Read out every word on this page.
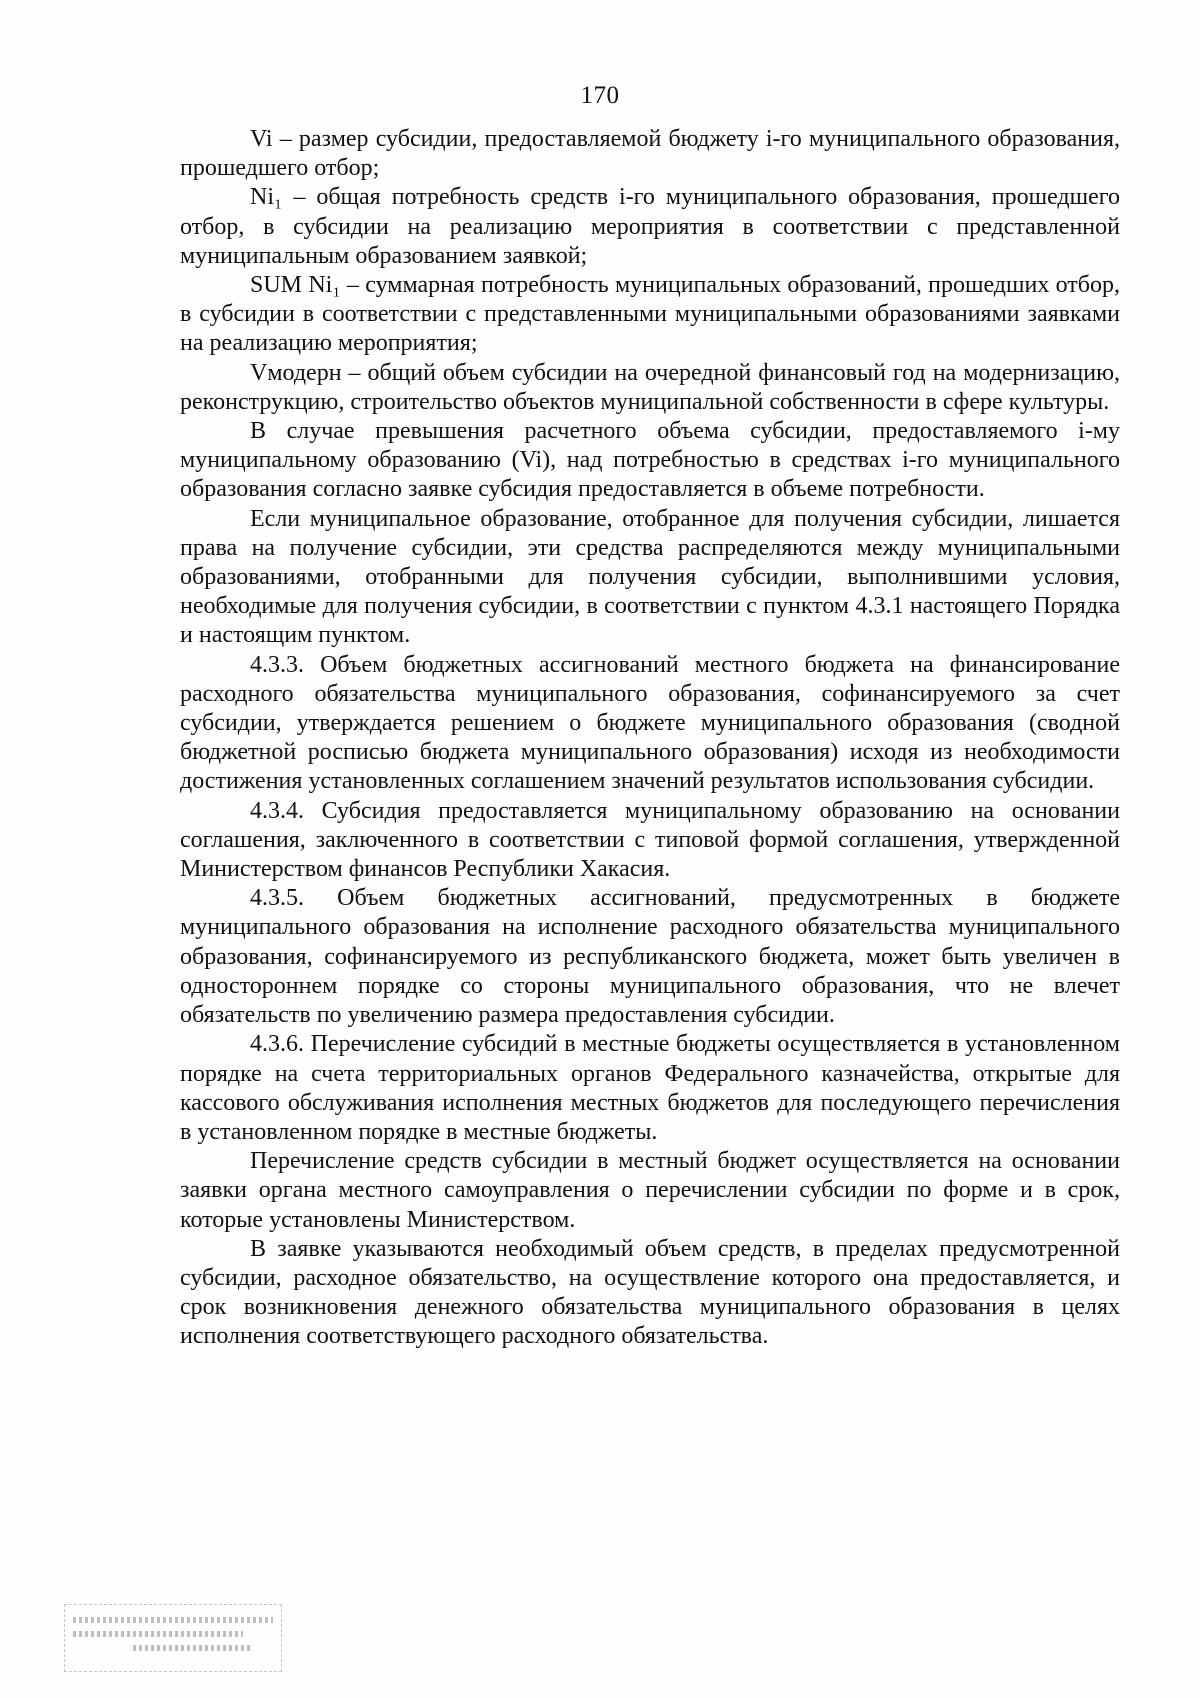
170

Vi – размер субсидии, предоставляемой бюджету i-го муниципального образования, прошедшего отбор;

Ni₁ – общая потребность средств i-го муниципального образования, прошедшего отбор, в субсидии на реализацию мероприятия в соответствии с представленной муниципальным образованием заявкой;

SUM Ni₁ – суммарная потребность муниципальных образований, прошедших отбор, в субсидии в соответствии с представленными муниципальными образованиями заявками на реализацию мероприятия;

Vмодерн – общий объем субсидии на очередной финансовый год на модернизацию, реконструкцию, строительство объектов муниципальной собственности в сфере культуры.

В случае превышения расчетного объема субсидии, предоставляемого i-му муниципальному образованию (Vi), над потребностью в средствах i-го муниципального образования согласно заявке субсидия предоставляется в объеме потребности.

Если муниципальное образование, отобранное для получения субсидии, лишается права на получение субсидии, эти средства распределяются между муниципальными образованиями, отобранными для получения субсидии, выполнившими условия, необходимые для получения субсидии, в соответствии с пунктом 4.3.1 настоящего Порядка и настоящим пунктом.

4.3.3. Объем бюджетных ассигнований местного бюджета на финансирование расходного обязательства муниципального образования, софинансируемого за счет субсидии, утверждается решением о бюджете муниципального образования (сводной бюджетной росписью бюджета муниципального образования) исходя из необходимости достижения установленных соглашением значений результатов использования субсидии.

4.3.4. Субсидия предоставляется муниципальному образованию на основании соглашения, заключенного в соответствии с типовой формой соглашения, утвержденной Министерством финансов Республики Хакасия.

4.3.5. Объем бюджетных ассигнований, предусмотренных в бюджете муниципального образования на исполнение расходного обязательства муниципального образования, софинансируемого из республиканского бюджета, может быть увеличен в одностороннем порядке со стороны муниципального образования, что не влечет обязательств по увеличению размера предоставления субсидии.

4.3.6. Перечисление субсидий в местные бюджеты осуществляется в установленном порядке на счета территориальных органов Федерального казначейства, открытые для кассового обслуживания исполнения местных бюджетов для последующего перечисления в установленном порядке в местные бюджеты.

Перечисление средств субсидии в местный бюджет осуществляется на основании заявки органа местного самоуправления о перечислении субсидии по форме и в срок, которые установлены Министерством.

В заявке указываются необходимый объем средств, в пределах предусмотренной субсидии, расходное обязательство, на осуществление которого она предоставляется, и срок возникновения денежного обязательства муниципального образования в целях исполнения соответствующего расходного обязательства.
